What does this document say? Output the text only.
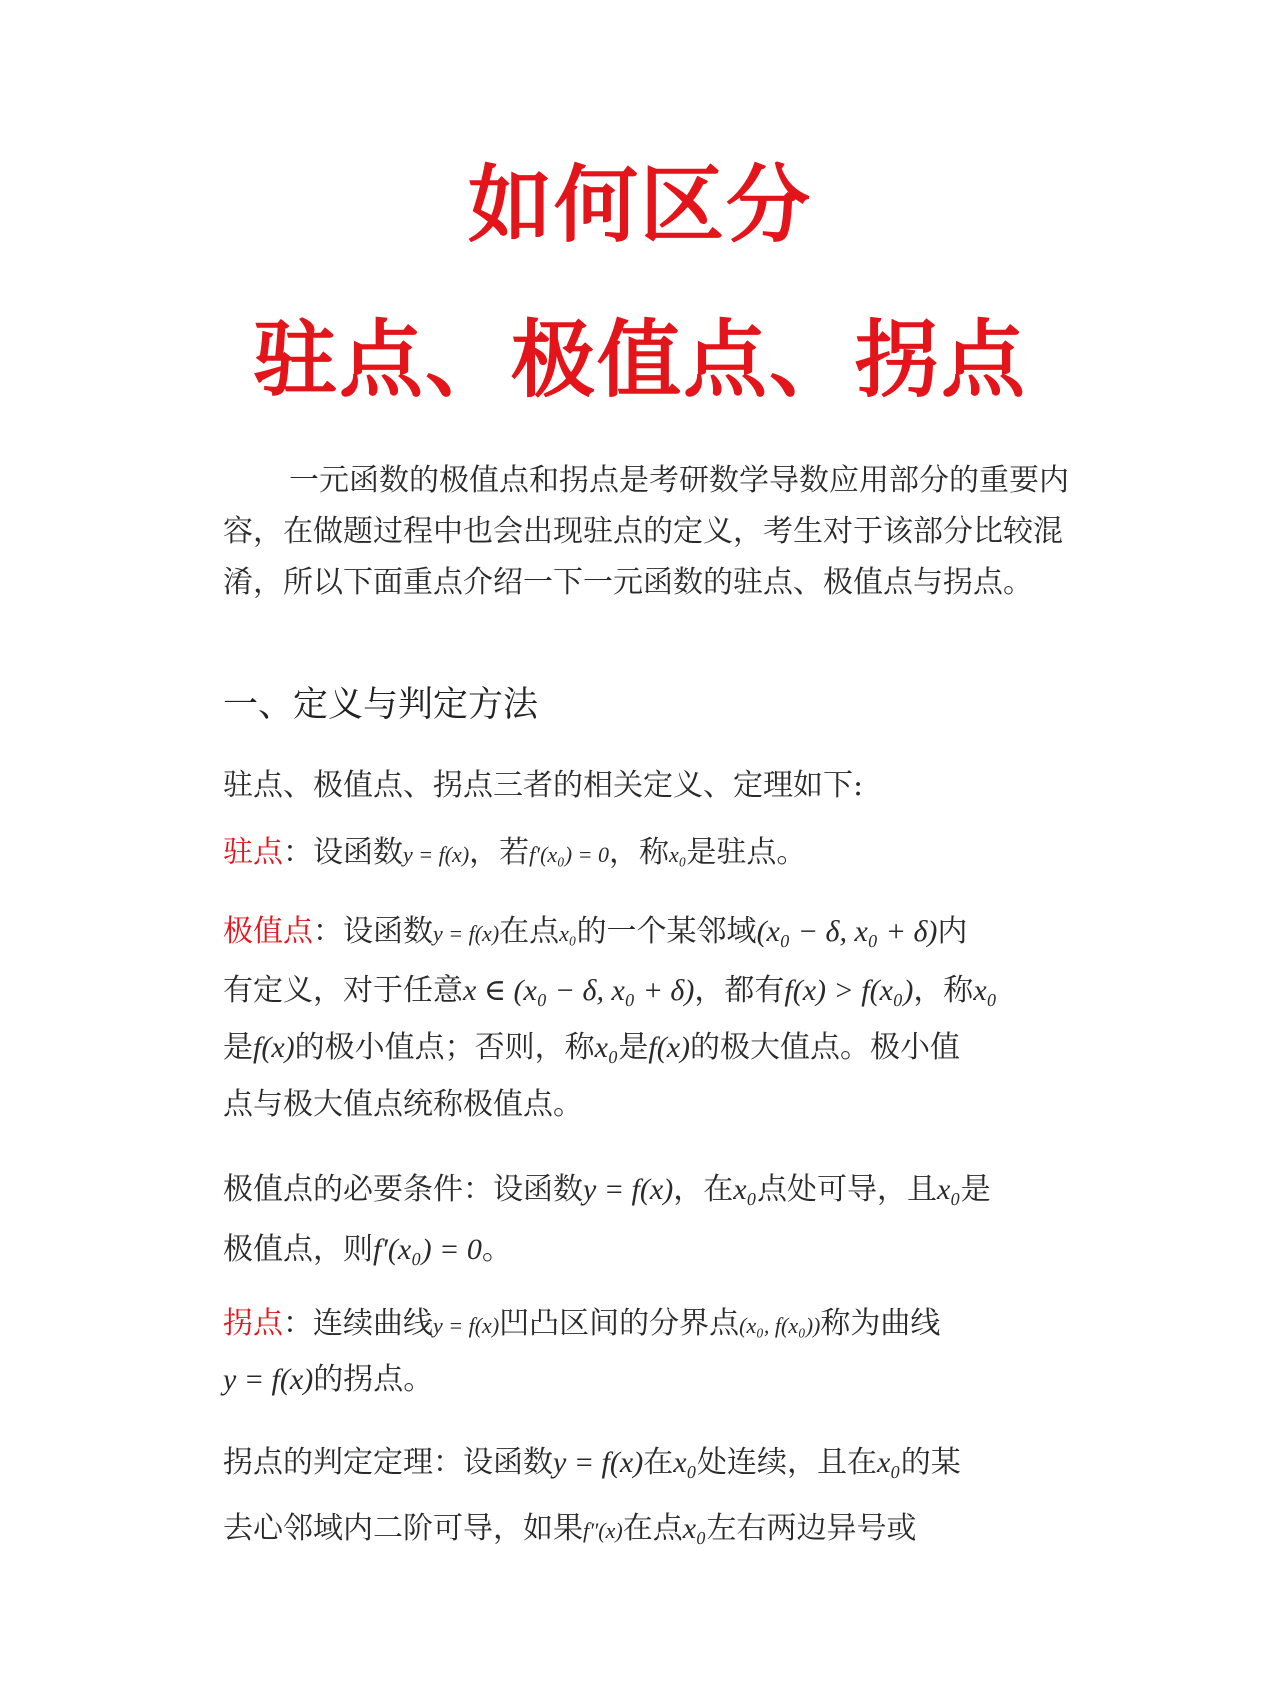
如何区分
驻点、极值点、拐点

一元函数的极值点和拐点是考研数学导数应用部分的重要内容，在做题过程中也会出现驻点的定义，考生对于该部分比较混淆，所以下面重点介绍一下一元函数的驻点、极值点与拐点。

一、定义与判定方法

驻点、极值点、拐点三者的相关定义、定理如下:

驻点：设函数y = f(x)，若f′(x₀) = 0，称x₀是驻点。

极值点：设函数y = f(x)在点x₀的一个某邻域(x₀ − δ, x₀ + δ)内
有定义，对于任意x ∈ (x₀ − δ, x₀ + δ)，都有f(x) > f(x₀)，称x₀
是f(x)的极小值点；否则，称x₀是f(x)的极大值点。极小值
点与极大值点统称极值点。
极值点的必要条件：设函数y = f(x)，在x₀点处可导，且x₀是
极值点，则f′(x₀) = 0。
拐点：连续曲线y = f(x)凹凸区间的分界点(x₀, f(x₀))称为曲线
y = f(x)的拐点。
拐点的判定定理：设函数y = f(x)在x₀处连续，且在x₀的某
去心邻域内二阶可导，如果f″(x)在点x₀左右两边异号或
